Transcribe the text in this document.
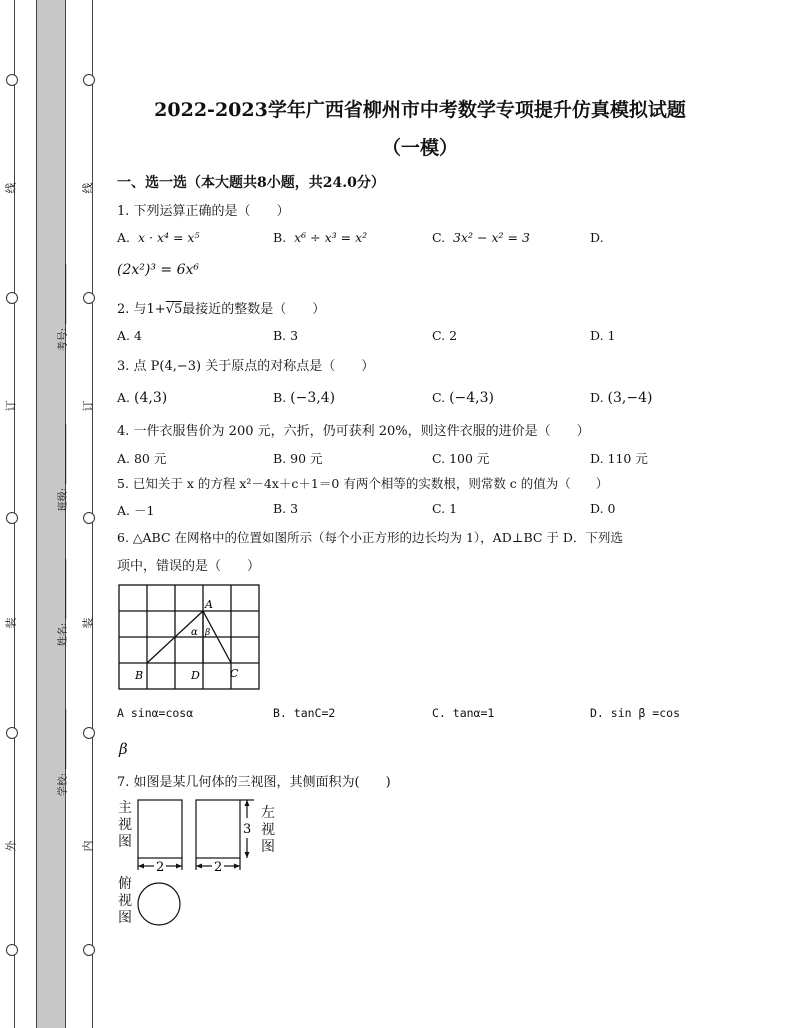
线
订
装
外
线
订
装
内
考号:
班级:
姓名:
学校:
2022-2023学年广西省柳州市中考数学专项提升仿真模拟试题
（一模）
一、选一选（本大题共8小题，共24.0分）
1. 下列运算正确的是（　　）
A. x · x⁴ = x⁵	B. x⁶ ÷ x³ = x²	C. 3x² − x² = 3	D.
(2x²)³ = 6x⁶
2. 与1+√5最接近的整数是（　　）
A. 4	B. 3	C. 2	D. 1
3. 点 P(4,−3) 关于原点的对称点是（　　）
A. (4,3)	B. (−3,4)	C. (−4,3)	D. (3,−4)
4. 一件衣服售价为 200 元，六折，仍可获利 20%，则这件衣服的进价是（　　）
A. 80 元	B. 90 元	C. 100 元	D. 110 元
5. 已知关于 x 的方程 x²－4x＋c＋1＝0 有两个相等的实数根，则常数 c 的值为（　　）
A. －1	B. 3	C. 1	D. 0
6. △ABC 在网格中的位置如图所示（每个小正方形的边长均为 1），AD⊥BC 于 D．下列选
项中，错误的是（　　）
A
B	D	C
α β
A sinα=cosα	B. tanC=2	C. tanα=1	D. sin β =cos
β
7. 如图是某几何体的三视图，其侧面积为(　　)
主视图
左视图
俯视图
2	2
3
